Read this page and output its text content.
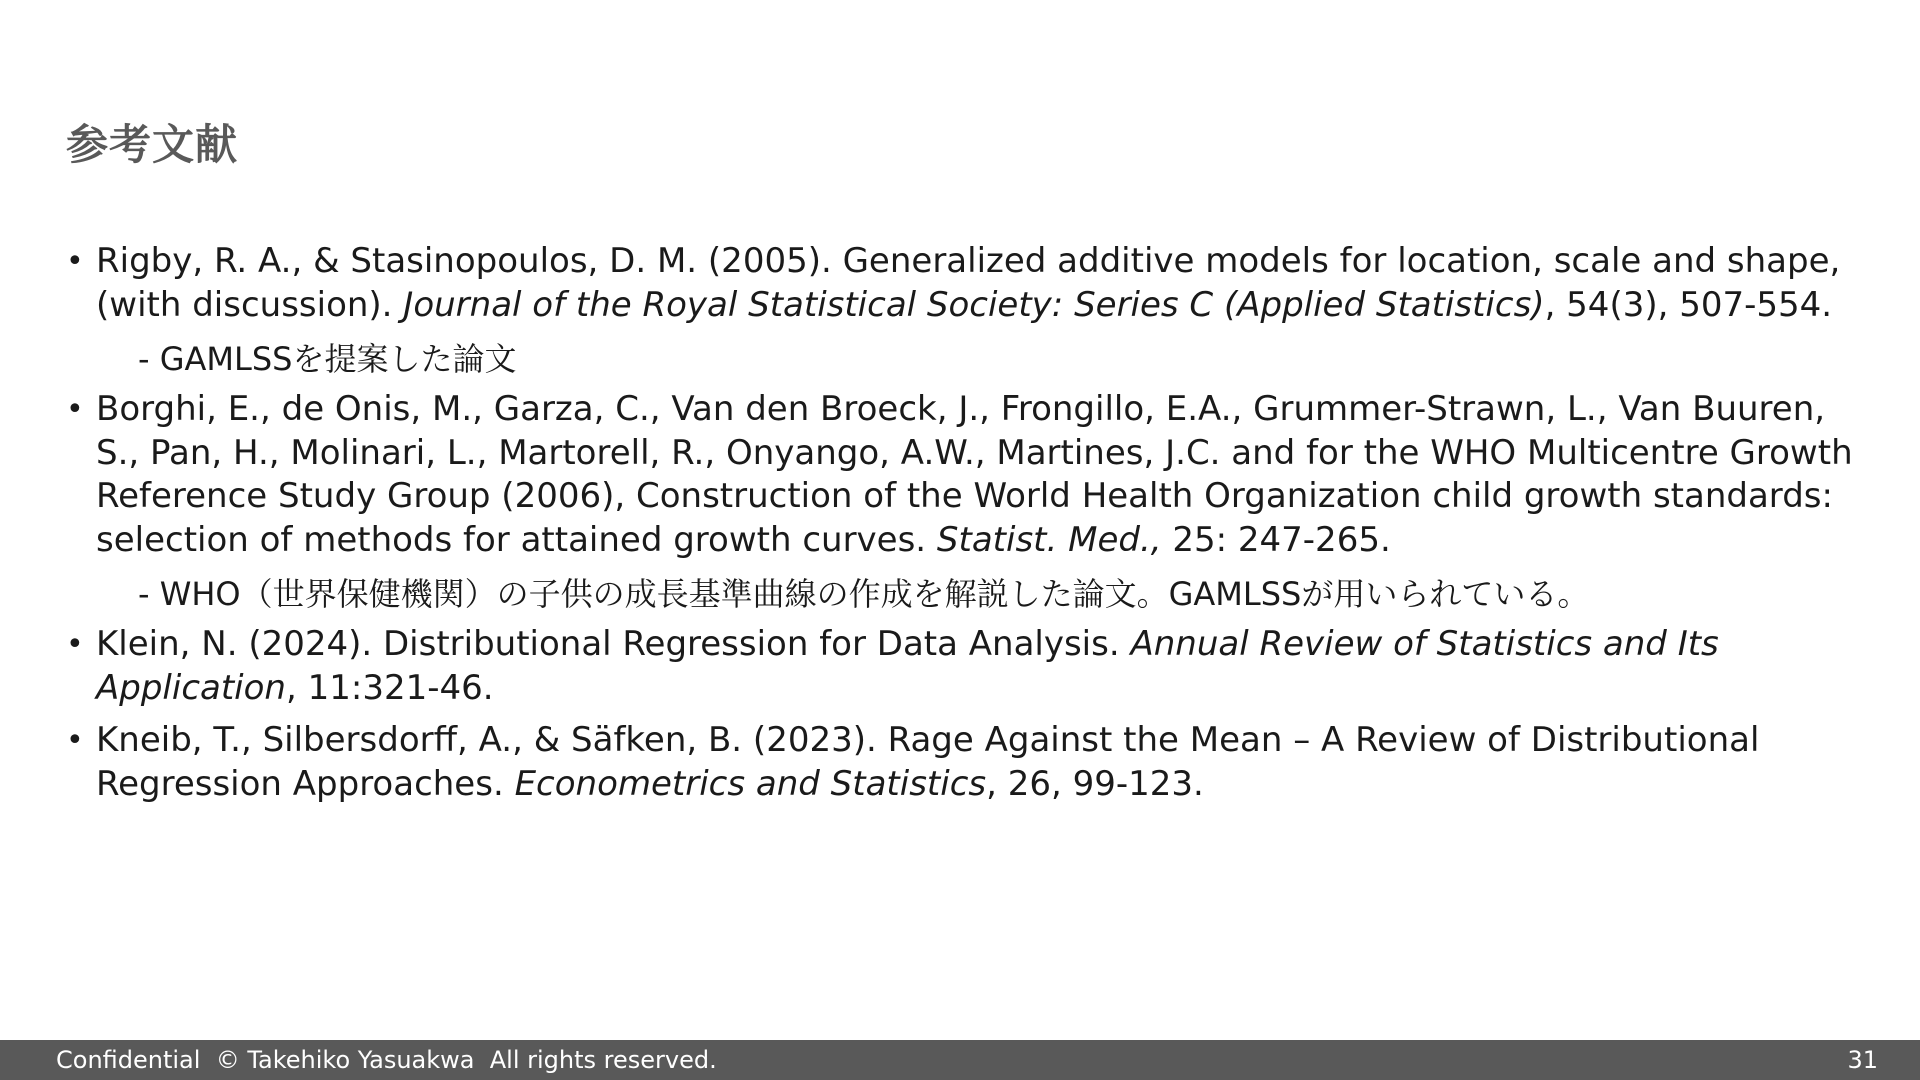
参考文献
• Rigby, R. A., & Stasinopoulos, D. M. (2005). Generalized additive models for location, scale and shape, (with discussion). Journal of the Royal Statistical Society: Series C (Applied Statistics), 54(3), 507-554.
- GAMLSSを提案した論文
• Borghi, E., de Onis, M., Garza, C., Van den Broeck, J., Frongillo, E.A., Grummer-Strawn, L., Van Buuren, S., Pan, H., Molinari, L., Martorell, R., Onyango, A.W., Martines, J.C. and for the WHO Multicentre Growth Reference Study Group (2006), Construction of the World Health Organization child growth standards: selection of methods for attained growth curves. Statist. Med., 25: 247-265.
- WHO（世界保健機関）の子供の成長基準曲線の作成を解説した論文。GAMLSSが用いられている。
• Klein, N. (2024). Distributional Regression for Data Analysis. Annual Review of Statistics and Its Application, 11:321-46.
• Kneib, T., Silbersdorff, A., & Säfken, B. (2023). Rage Against the Mean – A Review of Distributional Regression Approaches. Econometrics and Statistics, 26, 99-123.
Confidential  © Takehiko Yasuakwa  All rights reserved.	31
